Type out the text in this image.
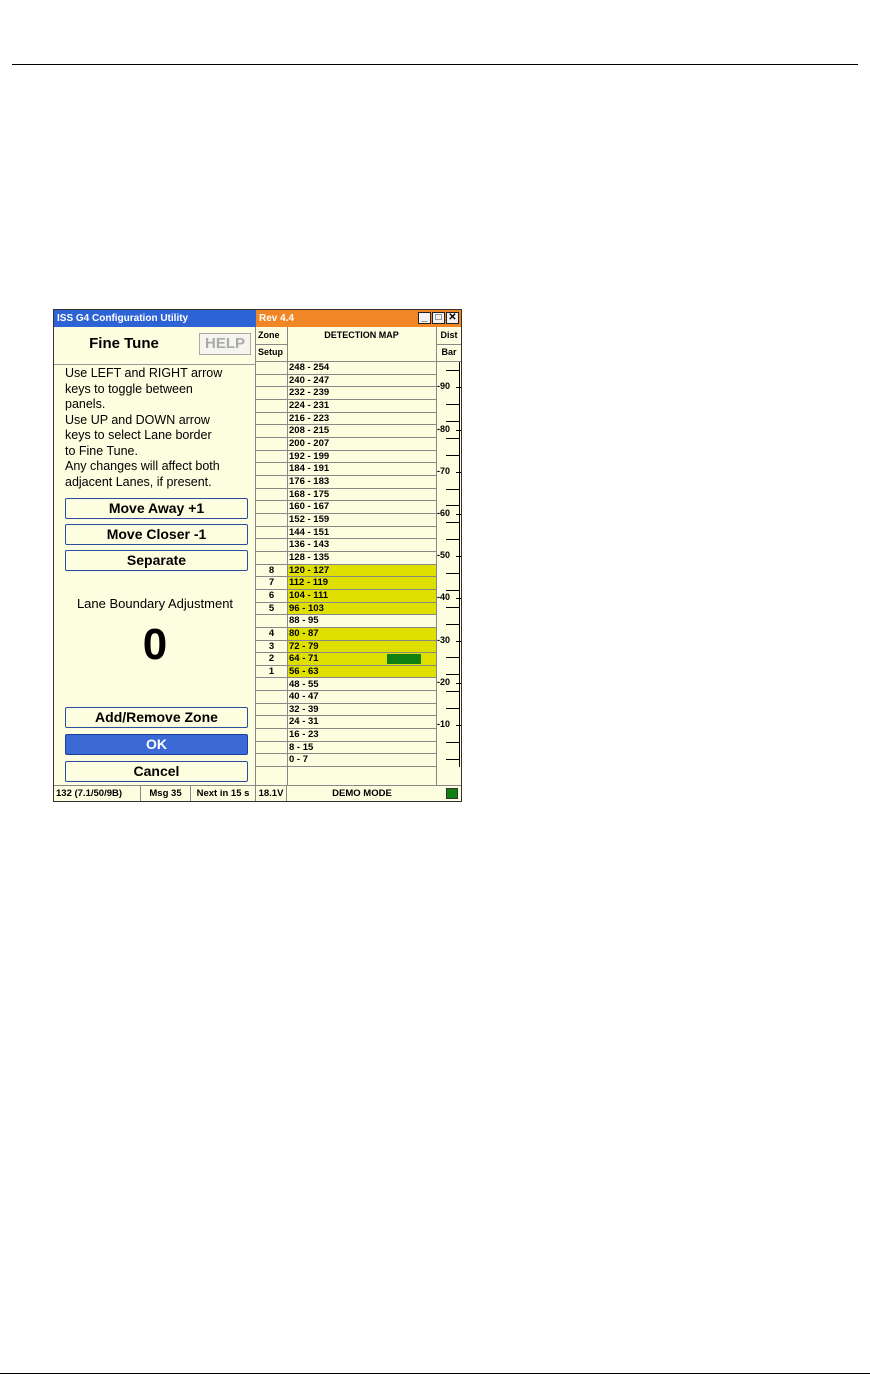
ISS G4 Configuration Utility	Rev 4.4	_ □ ✕
Fine Tune	HELP
Use LEFT and RIGHT arrow
keys to toggle between
panels.
Use UP and DOWN arrow
keys to select Lane border
to Fine Tune.
Any changes will affect both
adjacent Lanes, if present.
Move Away +1
Move Closer -1
Separate
Lane Boundary Adjustment
0
Add/Remove Zone
OK
Cancel
Zone
Setup
DETECTION MAP	Dist
Bar
248 - 254
240 - 247
232 - 239
224 - 231
216 - 223
208 - 215
200 - 207
192 - 199
184 - 191
176 - 183
168 - 175
160 - 167
152 - 159
144 - 151
136 - 143
128 - 135
8	120 - 127
7	112 - 119
6	104 - 111
5	96 - 103
88 - 95
4	80 - 87
3	72 - 79
2	64 - 71
1	56 - 63
48 - 55
40 - 47
32 - 39
24 - 31
16 - 23
8 - 15
0 - 7
-90
-80
-70
-60
-50
-40
-30
-20
-10
132 (7.1/50/9B)	Msg 35	Next in 15 s 18.1V	DEMO MODE
